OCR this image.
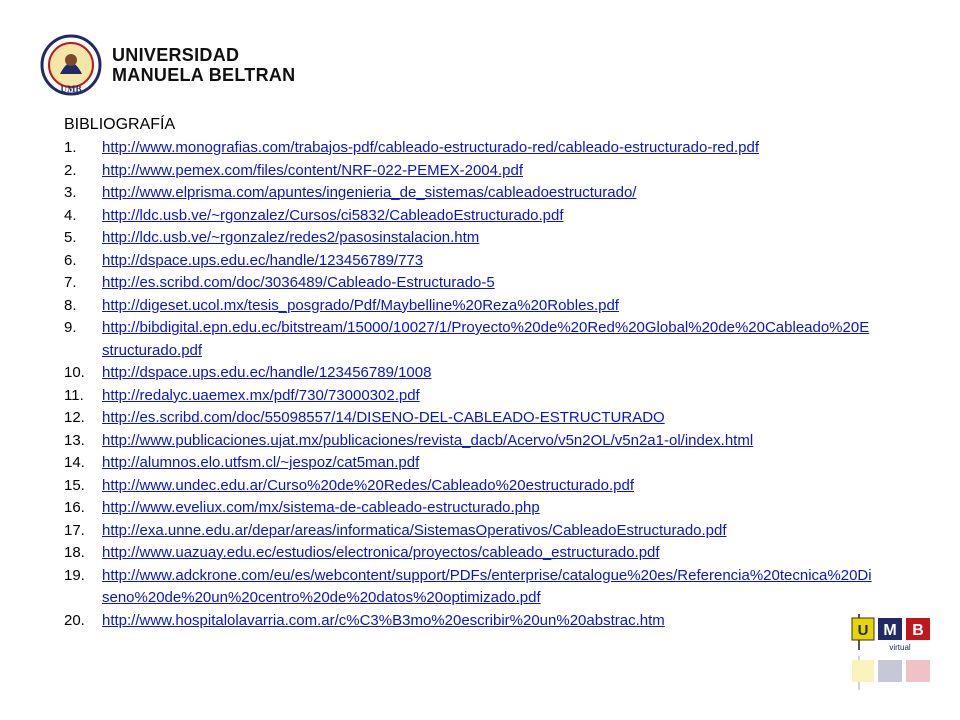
UMB
UNIVERSIDAD
MANUELA BELTRAN
BIBLIOGRAFÍA
1.	http://www.monografias.com/trabajos-pdf/cableado-estructurado-red/cableado-estructurado-red.pdf
2.	http://www.pemex.com/files/content/NRF-022-PEMEX-2004.pdf
3.	http://www.elprisma.com/apuntes/ingenieria_de_sistemas/cableadoestructurado/
4.	http://ldc.usb.ve/~rgonzalez/Cursos/ci5832/CableadoEstructurado.pdf
5.	http://ldc.usb.ve/~rgonzalez/redes2/pasosinstalacion.htm
6.	http://dspace.ups.edu.ec/handle/123456789/773
7.	http://es.scribd.com/doc/3036489/Cableado-Estructurado-5
8.	http://digeset.ucol.mx/tesis_posgrado/Pdf/Maybelline%20Reza%20Robles.pdf
9.	http://bibdigital.epn.edu.ec/bitstream/15000/10027/1/Proyecto%20de%20Red%20Global%20de%20Cableado%20Estructurado.pdf
10.	http://dspace.ups.edu.ec/handle/123456789/1008
11.	http://redalyc.uaemex.mx/pdf/730/73000302.pdf
12.	http://es.scribd.com/doc/55098557/14/DISENO-DEL-CABLEADO-ESTRUCTURADO
13.	http://www.publicaciones.ujat.mx/publicaciones/revista_dacb/Acervo/v5n2OL/v5n2a1-ol/index.html
14.	http://alumnos.elo.utfsm.cl/~jespoz/cat5man.pdf
15.	http://www.undec.edu.ar/Curso%20de%20Redes/Cableado%20estructurado.pdf
16.	http://www.eveliux.com/mx/sistema-de-cableado-estructurado.php
17.	http://exa.unne.edu.ar/depar/areas/informatica/SistemasOperativos/CableadoEstructurado.pdf
18.	http://www.uazuay.edu.ec/estudios/electronica/proyectos/cableado_estructurado.pdf
19.	http://www.adckrone.com/eu/es/webcontent/support/PDFs/enterprise/catalogue%20es/Referencia%20tecnica%20Diseno%20de%20un%20centro%20de%20datos%20optimizado.pdf
20.	http://www.hospitalolavarria.com.ar/c%C3%B3mo%20escribir%20un%20abstrac.htm
U M B
virtual
